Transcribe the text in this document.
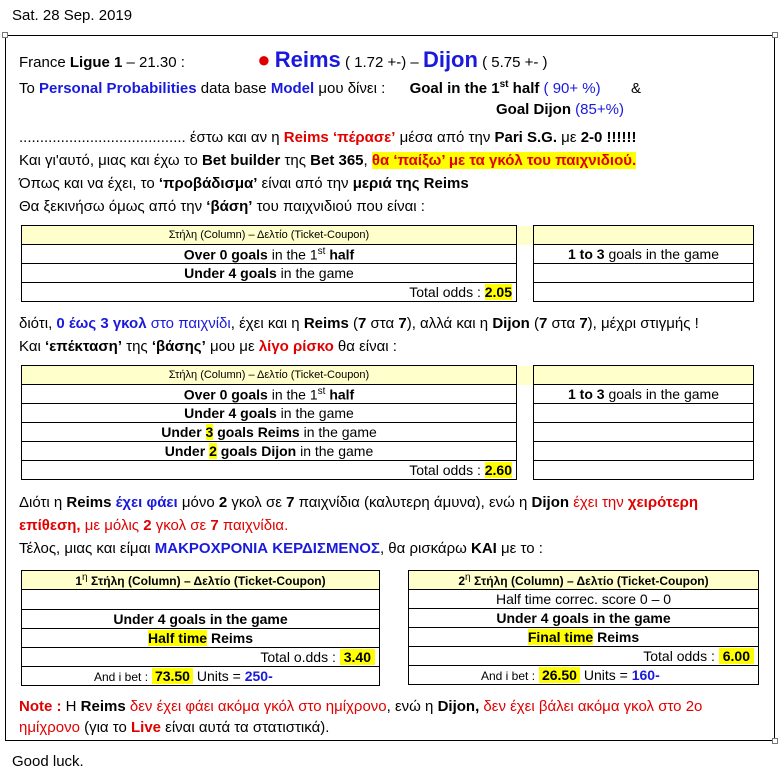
Sat. 28 Sep. 2019
France Ligue 1 – 21.30 :	● Reims ( 1.72 +-) – Dijon ( 5.75 +- )
Το Personal Probabilities data base Model μου δίνει : Goal in the 1st half ( 90+ %) &
Goal Dijon (85+%)
........................................ έστω και αν η Reims ‘πέρασε’ μέσα από την Pari S.G. με 2-0 !!!!!!
Και γι'αυτό, μιας και έχω το Bet builder της Bet 365, θα ‘παίξω’ με τα γκόλ του παιχνιδιού.
Όπως και να έχει, το ‘προβάδισμα’ είναι από την μεριά της Reims
Θα ξεκινήσω όμως από την ‘βάση’ του παιχνιδιού που είναι :
Στήλη (Column) – Δελτίο (Ticket-Coupon)		
Over 0 goals in the 1st half		1 to 3 goals in the game
Under 4 goals in the game		
Total odds : 2.05		
διότι, 0 έως 3 γκολ στο παιχνίδι, έχει και η Reims (7 στα 7), αλλά και η Dijon (7 στα 7), μέχρι στιγμής !
Και ‘επέκταση’ της ‘βάσης’ μου με λίγο ρίσκο θα είναι :
Στήλη (Column) – Δελτίο (Ticket-Coupon)		
Over 0 goals in the 1st half		1 to 3 goals in the game
Under 4 goals in the game		
Under 3 goals Reims in the game		
Under 2 goals Dijon in the game		
Total odds : 2.60		
Διότι η Reims έχει φάει μόνο 2 γκολ σε 7 παιχνίδια (καλυτερη άμυνα), ενώ η Dijon έχει την χειρότερη
επίθεση, με μόλις 2 γκολ σε 7 παιχνίδια.
Τέλος, μιας και είμαι ΜΑΚΡΟΧΡΟΝΙΑ ΚΕΡΔΙΣΜΕΝΟΣ, θα ρισκάρω ΚΑΙ με το :
$1^\eta$ Στήλη (Column) – Δελτίο (Ticket-Coupon)

Under 4 goals in the game
Half time Reims
Total o.dds : 3.40
And i bet : 73.50 Units = 250-
$2^\eta$ Στήλη (Column) – Δελτίο (Ticket-Coupon)
Half time correc. score 0 – 0
Under 4 goals in the game
Final time Reims
Total odds : 6.00
And i bet : 26.50 Units = 160-
Note : Η Reims δεν έχει φάει ακόμα γκόλ στο ημίχρονο, ενώ η Dijon, δεν έχει βάλει ακόμα γκολ στο 2ο
ημίχρονο (για το Live είναι αυτά τα στατιστικά).
Good luck.
